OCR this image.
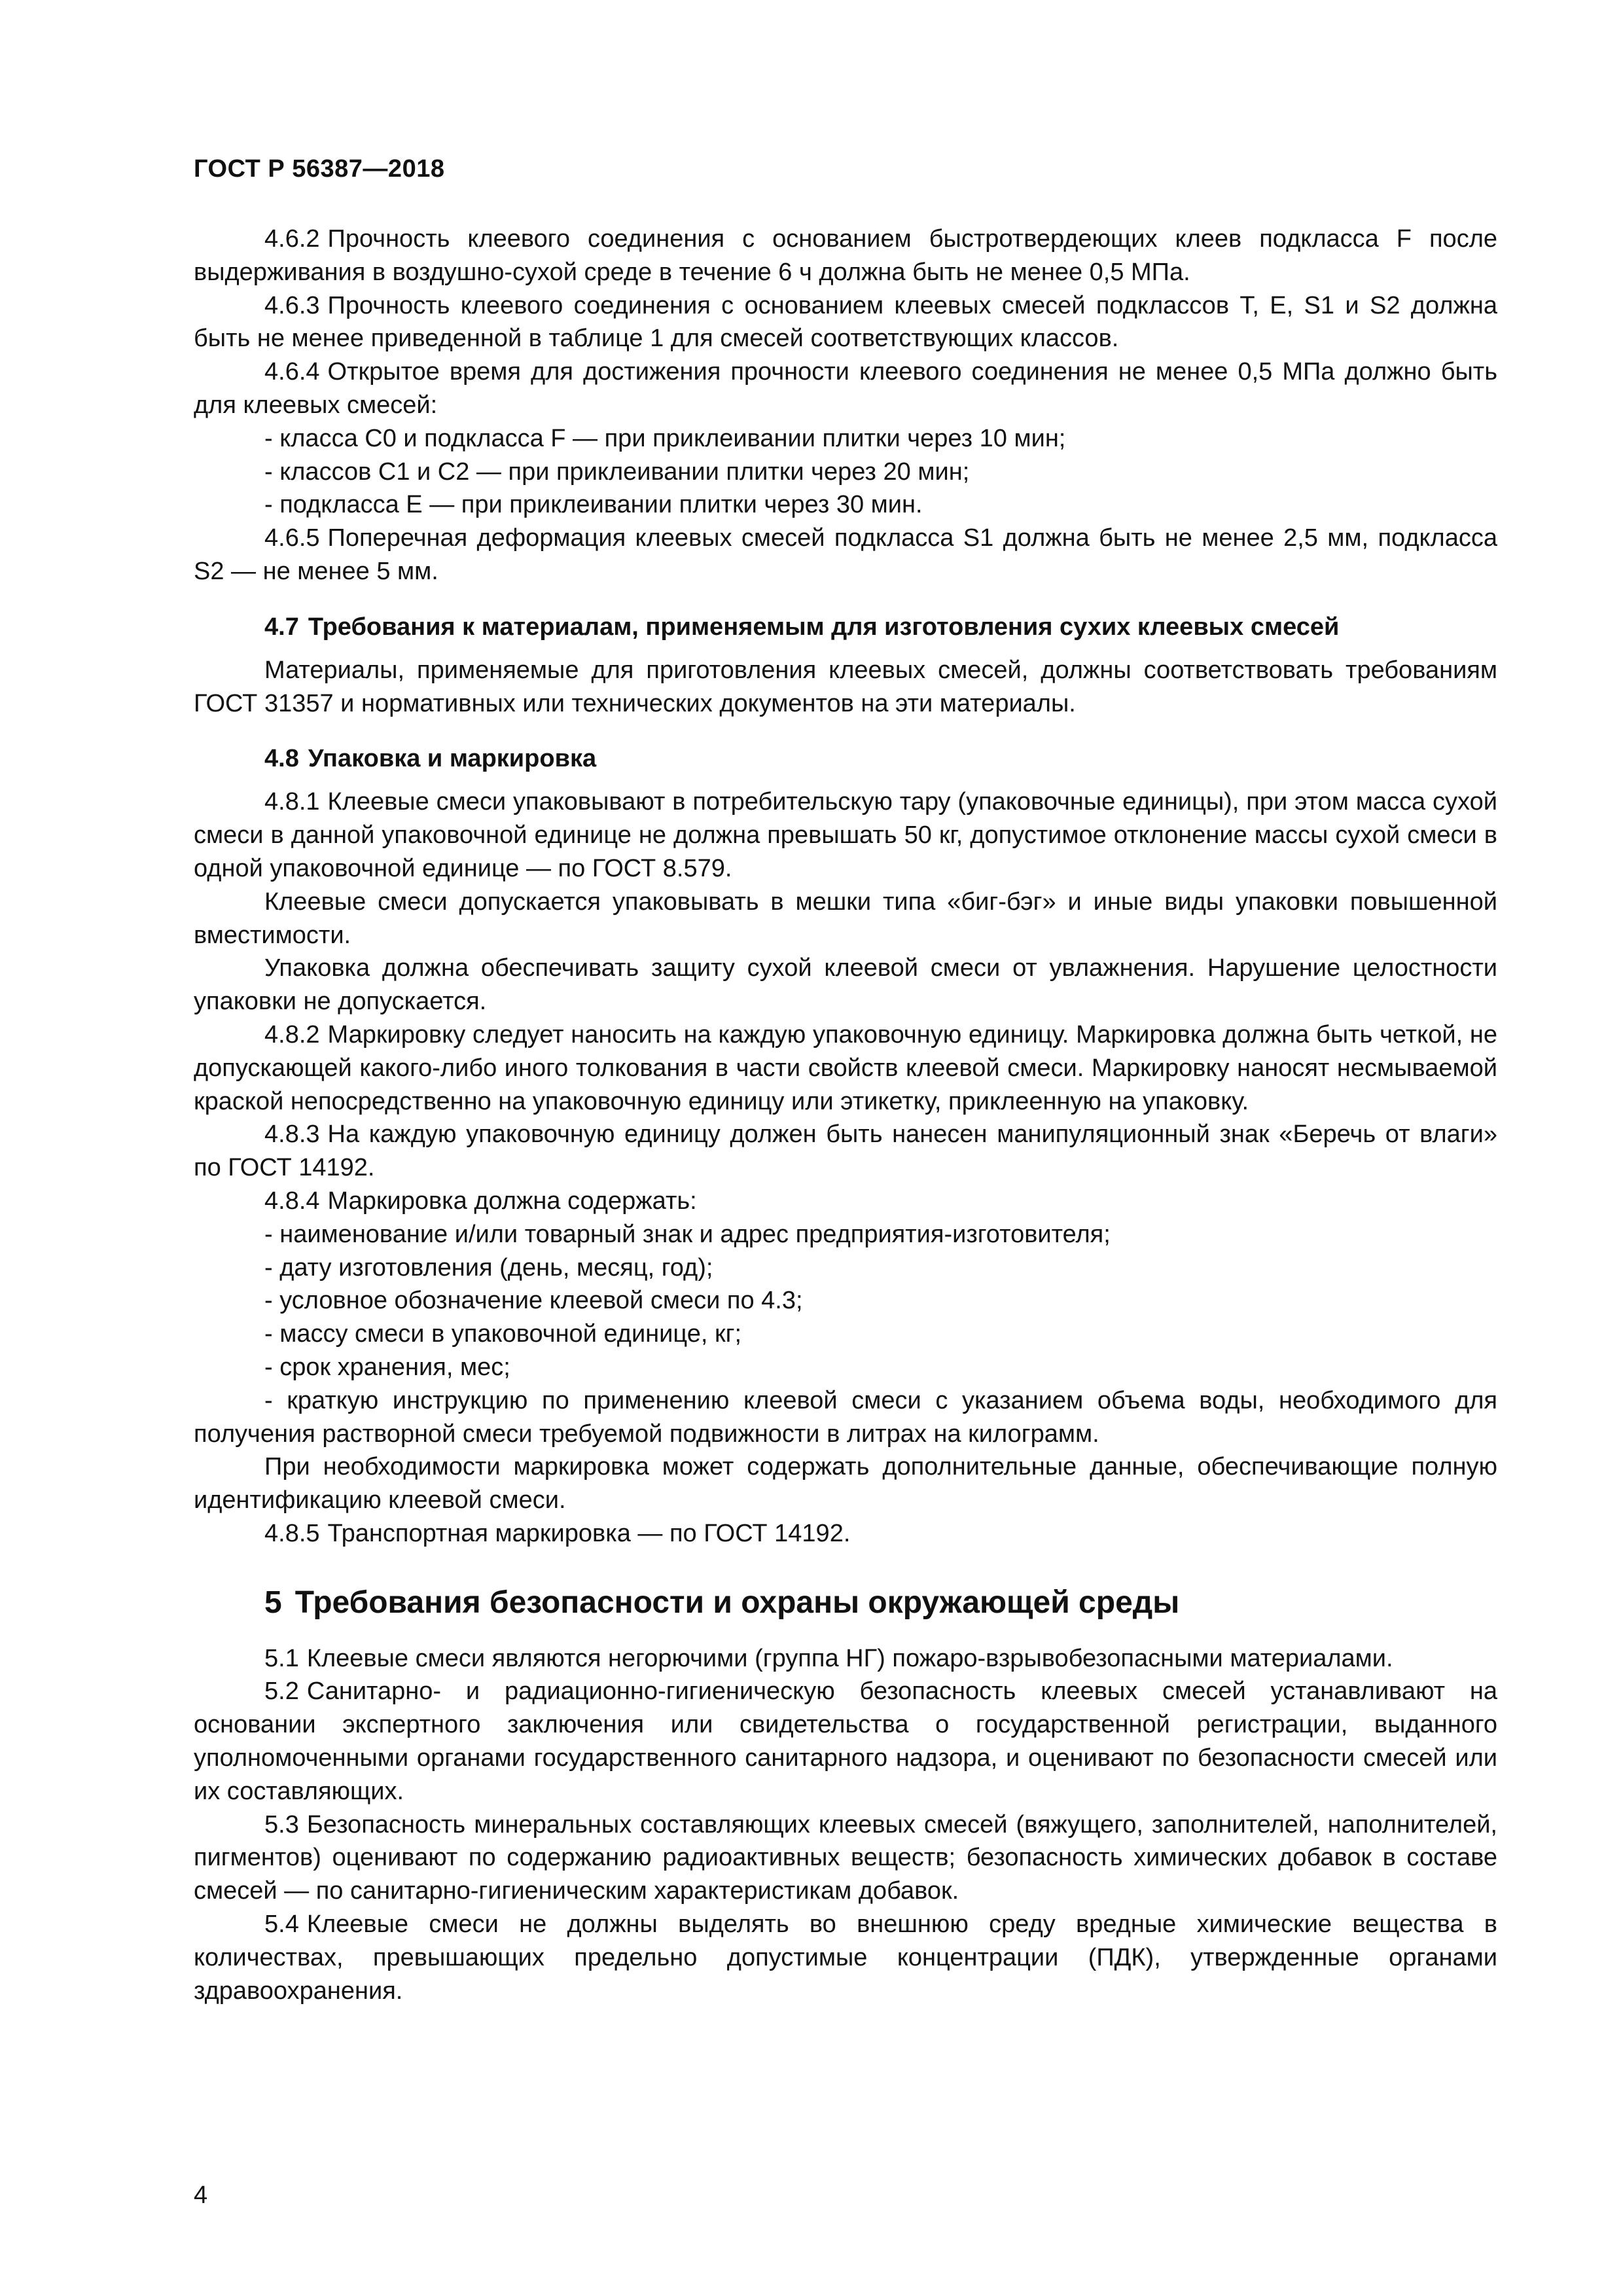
ГОСТ Р 56387—2018

4.6.2 Прочность клеевого соединения с основанием быстротвердеющих клеев подкласса F после выдерживания в воздушно-сухой среде в течение 6 ч должна быть не менее 0,5 МПа.

4.6.3 Прочность клеевого соединения с основанием клеевых смесей подклассов Т, Е, S1 и S2 должна быть не менее приведенной в таблице 1 для смесей соответствующих классов.

4.6.4 Открытое время для достижения прочности клеевого соединения не менее 0,5 МПа должно быть для клеевых смесей:

- класса С0 и подкласса F — при приклеивании плитки через 10 мин;

- классов С1 и С2 — при приклеивании плитки через 20 мин;

- подкласса Е — при приклеивании плитки через 30 мин.

4.6.5 Поперечная деформация клеевых смесей подкласса S1 должна быть не менее 2,5 мм, подкласса S2 — не менее 5 мм.

4.7 Требования к материалам, применяемым для изготовления сухих клеевых смесей

Материалы, применяемые для приготовления клеевых смесей, должны соответствовать требованиям ГОСТ 31357 и нормативных или технических документов на эти материалы.

4.8 Упаковка и маркировка

4.8.1 Клеевые смеси упаковывают в потребительскую тару (упаковочные единицы), при этом масса сухой смеси в данной упаковочной единице не должна превышать 50 кг, допустимое отклонение массы сухой смеси в одной упаковочной единице — по ГОСТ 8.579.

Клеевые смеси допускается упаковывать в мешки типа «биг-бэг» и иные виды упаковки повышенной вместимости.

Упаковка должна обеспечивать защиту сухой клеевой смеси от увлажнения. Нарушение целостности упаковки не допускается.

4.8.2 Маркировку следует наносить на каждую упаковочную единицу. Маркировка должна быть четкой, не допускающей какого-либо иного толкования в части свойств клеевой смеси. Маркировку наносят несмываемой краской непосредственно на упаковочную единицу или этикетку, приклеенную на упаковку.

4.8.3 На каждую упаковочную единицу должен быть нанесен манипуляционный знак «Беречь от влаги» по ГОСТ 14192.

4.8.4 Маркировка должна содержать:

- наименование и/или товарный знак и адрес предприятия-изготовителя;

- дату изготовления (день, месяц, год);

- условное обозначение клеевой смеси по 4.3;

- массу смеси в упаковочной единице, кг;

- срок хранения, мес;

- краткую инструкцию по применению клеевой смеси с указанием объема воды, необходимого для получения растворной смеси требуемой подвижности в литрах на килограмм.

При необходимости маркировка может содержать дополнительные данные, обеспечивающие полную идентификацию клеевой смеси.

4.8.5 Транспортная маркировка — по ГОСТ 14192.

5 Требования безопасности и охраны окружающей среды

5.1 Клеевые смеси являются негорючими (группа НГ) пожаро-взрывобезопасными материалами.

5.2 Санитарно- и радиационно-гигиеническую безопасность клеевых смесей устанавливают на основании экспертного заключения или свидетельства о государственной регистрации, выданного уполномоченными органами государственного санитарного надзора, и оценивают по безопасности смесей или их составляющих.

5.3 Безопасность минеральных составляющих клеевых смесей (вяжущего, заполнителей, наполнителей, пигментов) оценивают по содержанию радиоактивных веществ; безопасность химических добавок в составе смесей — по санитарно-гигиеническим характеристикам добавок.

5.4 Клеевые смеси не должны выделять во внешнюю среду вредные химические вещества в количествах, превышающих предельно допустимые концентрации (ПДК), утвержденные органами здравоохранения.

4
